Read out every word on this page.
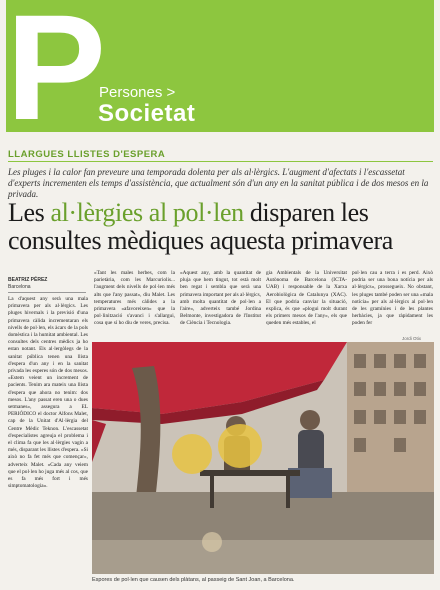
P
Persones >
Societat
LLARGUES LLISTES D'ESPERA
Les pluges i la calor fan preveure una temporada dolenta per als al·lèrgics. L'augment d'afectats i l'escassetat d'experts incrementen els temps d'assistència, que actualment són d'un any en la sanitat pública i de dos mesos en la privada.
Les al·lèrgies al pol·len disparen les consultes mèdiques aquesta primavera
BEATRIZ PÉREZ
Barcelona

La d'aquest any serà una mala primavera per als al·lèrgics. Les pluges hivernals i la previsió d'una primavera càlida incrementaran els nivells de pol·len, els àcars de la pols domèstica i la humitat ambiental. Les consultes dels centres mèdics ja ho estan notant. Els al·lergòlegs de la sanitat pública tenen una llista d'espera d'un any i en la sanitat privada les esperes són de dos mesos. «Estem veient un increment de pacients. Tenim ara mateix una llista d'espera que ahora no tenim: dos mesos. L'any passat eren una o dues setmanes», assegura a EL PERIÓDICO el doctor Alfons Malet, cap de la Unitat d'Al·lèrgia del Centre Mèdic Teknon. L'escassetat d'especialistes agreuja el problema i el clima fa que les al·lèrgies vagin a més, disparant les llistes d'espera. «Si això no fa fet més que començar», adverteix Malet. «Cada any veiem que el pol·len ho juga més al cos, que es fa més fort i més simptomatologia».

«Tant les males herbes, com la parietària, com les Marcuriolis... l'augment dels nivells de pol·len més alts que l'any passat», diu Malet. Les temperatures més càlides a la primavera «afavoreixen» que la pol·linització s'avanci i s'allargui, cosa que sí ho diu de veres, precisa.

«Aquest any, amb la quantitat de pluja que hem tingut, tot està molt ben regat i sembla que serà una primavera important per als al·lèrgics, amb molta quantitat de pol·len a l'aire», adverteix també Jordina Belmonte, investigadora de l'Institut de Ciència i Tecnologia.

gia Ambientals de la Universitat Autònoma de Barcelona (ICTA-UAB) i responsable de la Xarxa Aerobiològica de Catalunya (XAC). El que podria canviar la situació, explica, és que «plogui molt durant els primers mesos de l'any», els que queden més estables, el

pol·len cau a terra i es perd. Això podria ser una bona notícia per als al·lèrgics», prossegueix. No obstant, les pluges també poden ser una «mala notícia» per als al·lèrgics al pol·len de les gramínies i de les plantes herbàcies, ja que ràpidament les poden fer

Jordi Otix
Espores de pol·len que causen dels plàtans, al passeig de Sant Joan, a Barcelona.
